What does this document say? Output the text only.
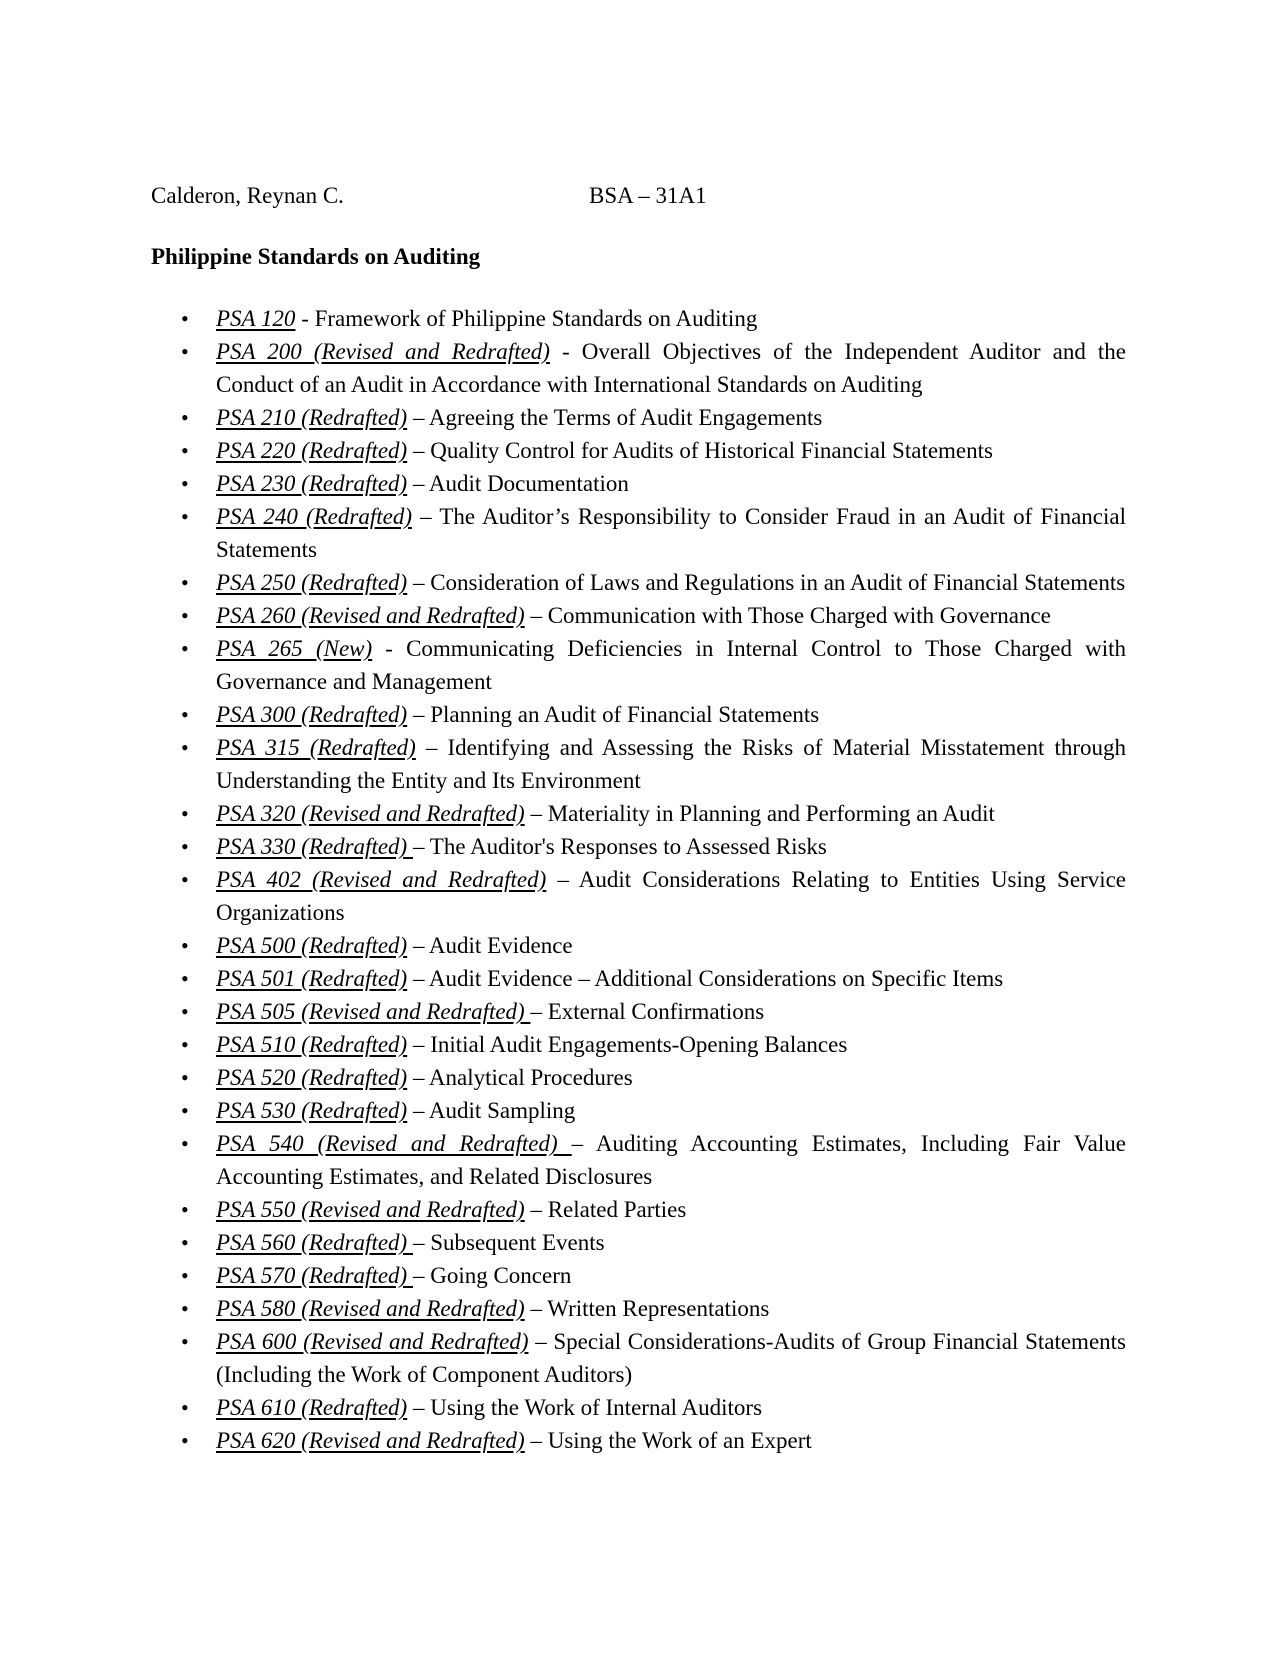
Calderon, Reynan C.	BSA – 31A1
Philippine Standards on Auditing
• PSA 120 - Framework of Philippine Standards on Auditing
• PSA 200 (Revised and Redrafted) - Overall Objectives of the Independent Auditor and the Conduct of an Audit in Accordance with International Standards on Auditing
• PSA 210 (Redrafted) – Agreeing the Terms of Audit Engagements
• PSA 220 (Redrafted) – Quality Control for Audits of Historical Financial Statements
• PSA 230 (Redrafted) – Audit Documentation
• PSA 240 (Redrafted) – The Auditor’s Responsibility to Consider Fraud in an Audit of Financial Statements
• PSA 250 (Redrafted) – Consideration of Laws and Regulations in an Audit of Financial Statements
• PSA 260 (Revised and Redrafted) – Communication with Those Charged with Governance
• PSA 265 (New) - Communicating Deficiencies in Internal Control to Those Charged with Governance and Management
• PSA 300 (Redrafted) – Planning an Audit of Financial Statements
• PSA 315 (Redrafted) – Identifying and Assessing the Risks of Material Misstatement through Understanding the Entity and Its Environment
• PSA 320 (Revised and Redrafted) – Materiality in Planning and Performing an Audit
• PSA 330 (Redrafted) – The Auditor's Responses to Assessed Risks
• PSA 402 (Revised and Redrafted) – Audit Considerations Relating to Entities Using Service Organizations
• PSA 500 (Redrafted) – Audit Evidence
• PSA 501 (Redrafted) – Audit Evidence – Additional Considerations on Specific Items
• PSA 505 (Revised and Redrafted) – External Confirmations
• PSA 510 (Redrafted) – Initial Audit Engagements-Opening Balances
• PSA 520 (Redrafted) – Analytical Procedures
• PSA 530 (Redrafted) – Audit Sampling
• PSA 540 (Revised and Redrafted) – Auditing Accounting Estimates, Including Fair Value Accounting Estimates, and Related Disclosures
• PSA 550 (Revised and Redrafted) – Related Parties
• PSA 560 (Redrafted) – Subsequent Events
• PSA 570 (Redrafted) – Going Concern
• PSA 580 (Revised and Redrafted) – Written Representations
• PSA 600 (Revised and Redrafted) – Special Considerations-Audits of Group Financial Statements (Including the Work of Component Auditors)
• PSA 610 (Redrafted) – Using the Work of Internal Auditors
• PSA 620 (Revised and Redrafted) – Using the Work of an Expert
